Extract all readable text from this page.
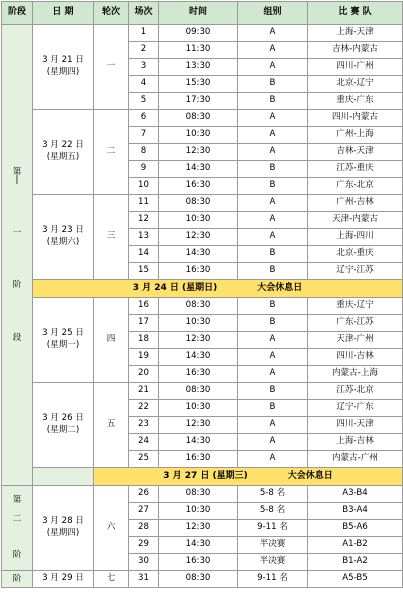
阶段	日 期	轮次	场次	时间	组别	比 赛 队

第
|
一
阶
段	3 月 21 日
(星期四)	一	1	09:30	A	上海-天津
			2	11:30	A	吉林-内蒙古
			3	13:30	A	四川-广州
			4	15:30	B	北京-辽宁
			5	17:30	B	重庆-广东

	3 月 22 日
(星期五)	二	6	08:30	A	四川-内蒙古
			7	10:30	A	广州-上海
			8	12:30	A	吉林-天津
			9	14:30	B	江苏-重庆
			10	16:30	B	广东-北京

	3 月 23 日
(星期六)	三	11	08:30	A	广州-吉林
			12	10:30	A	天津-内蒙古
			13	12:30	A	上海-四川
			14	14:30	B	北京-重庆
			15	16:30	B	辽宁-江苏
	3 月 24 日 (星期日) 大会休息日					

	3 月 25 日
(星期一)	四	16	08:30	B	重庆-辽宁
			17	10:30	B	广东-江苏
			18	12:30	A	天津-广州
			19	14:30	A	四川-吉林
			20	16:30	A	内蒙古-上海

	3 月 26 日
(星期二)	五	21	08:30	B	江苏-北京
			22	10:30	B	辽宁-广东
			23	12:30	A	四川-天津
			24	14:30	A	上海-吉林
			25	16:30	A	内蒙古-广州
		3 月 27 日 (星期三) 大会休息日				

第
二
阶	3 月 28 日
(星期四)	六	26	08:30	5-8 名	A3-B4
			27	10:30	5-8 名	B3-A4
			28	12:30	9-11 名	B5-A6
			29	14:30	半决赛	A1-B2
			30	16:30	半决赛	B1-A2

阶	3 月 29 日	七	31	08:30	9-11 名	A5-B5
